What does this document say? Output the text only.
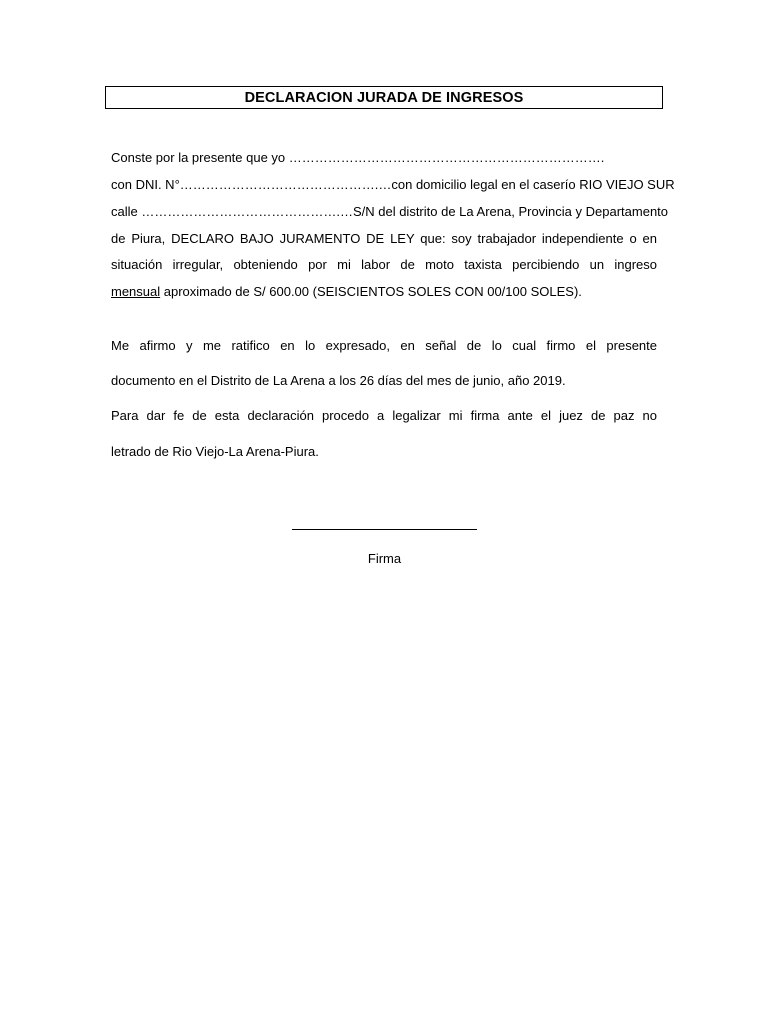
DECLARACION JURADA DE INGRESOS
Conste por la presente que yo ……………………………………………………………….
con DNI. N°……………………………………….…con domicilio legal en el caserío RIO VIEJO SUR
calle ……………………………………….…S/N del distrito de La Arena, Provincia y Departamento
de Piura, DECLARO BAJO JURAMENTO DE LEY que: soy trabajador independiente o en
situación irregular, obteniendo por mi labor de moto taxista percibiendo un ingreso
mensual aproximado de S/ 600.00 (SEISCIENTOS SOLES CON 00/100 SOLES).
Me afirmo y me ratifico en lo expresado, en señal de lo cual firmo el presente
documento en el Distrito de La Arena a los 26 días del mes de junio, año 2019.
Para dar fe de esta declaración procedo a legalizar mi firma ante el juez de paz no
letrado de Rio Viejo-La Arena-Piura.
Firma
